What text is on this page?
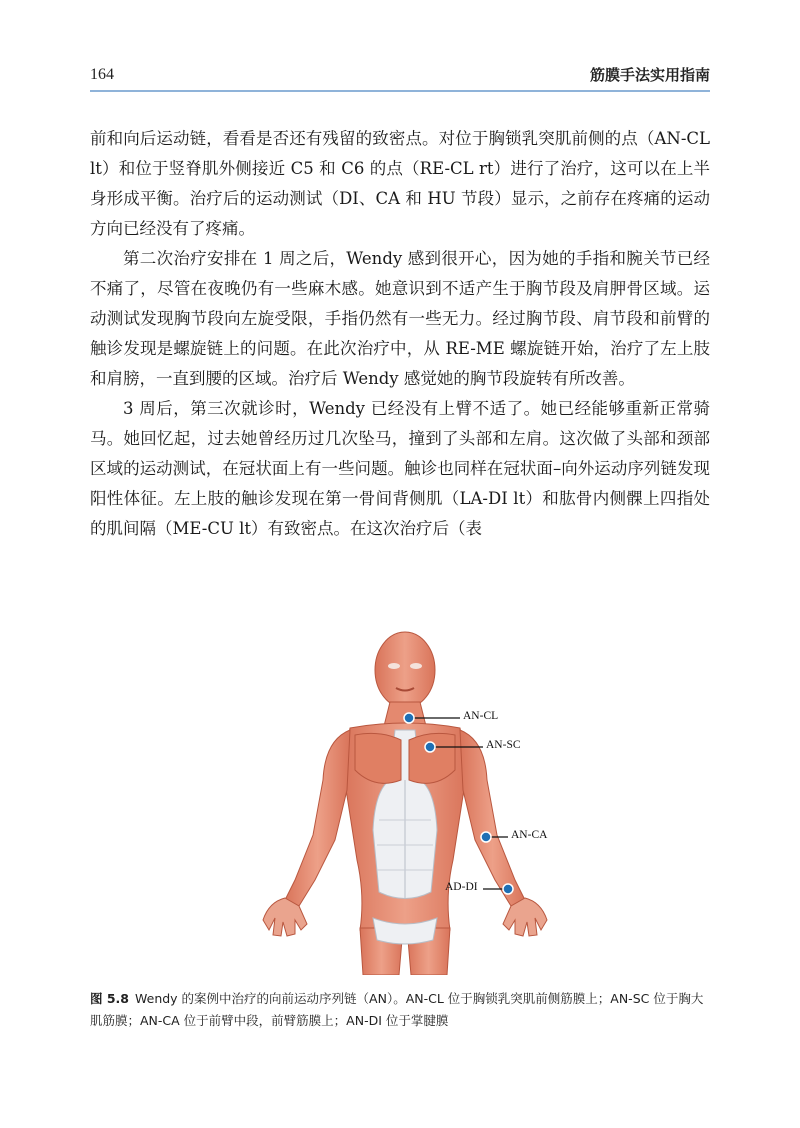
164	筋膜手法实用指南

前和向后运动链，看看是否还有残留的致密点。对位于胸锁乳突肌前侧的点（AN-CL lt）和位于竖脊肌外侧接近 C5 和 C6 的点（RE-CL rt）进行了治疗，这可以在上半身形成平衡。治疗后的运动测试（DI、CA 和 HU 节段）显示，之前存在疼痛的运动方向已经没有了疼痛。

第二次治疗安排在 1 周之后，Wendy 感到很开心，因为她的手指和腕关节已经不痛了，尽管在夜晚仍有一些麻木感。她意识到不适产生于胸节段及肩胛骨区域。运动测试发现胸节段向左旋受限，手指仍然有一些无力。经过胸节段、肩节段和前臂的触诊发现是螺旋链上的问题。在此次治疗中，从 RE-ME 螺旋链开始，治疗了左上肢和肩膀，一直到腰的区域。治疗后 Wendy 感觉她的胸节段旋转有所改善。

3 周后，第三次就诊时，Wendy 已经没有上臂不适了。她已经能够重新正常骑马。她回忆起，过去她曾经历过几次坠马，撞到了头部和左肩。这次做了头部和颈部区域的运动测试，在冠状面上有一些问题。触诊也同样在冠状面–向外运动序列链发现阳性体征。左上肢的触诊发现在第一骨间背侧肌（LA-DI lt）和肱骨内侧髁上四指处的肌间隔（ME-CU lt）有致密点。在这次治疗后（表

AN-CL
AN-SC
AN-CA
AD-DI
图 5.8 Wendy 的案例中治疗的向前运动序列链（AN）。AN-CL 位于胸锁乳突肌前侧筋膜上；AN-SC 位于胸大肌筋膜；AN-CA 位于前臂中段，前臂筋膜上；AN-DI 位于掌腱膜
